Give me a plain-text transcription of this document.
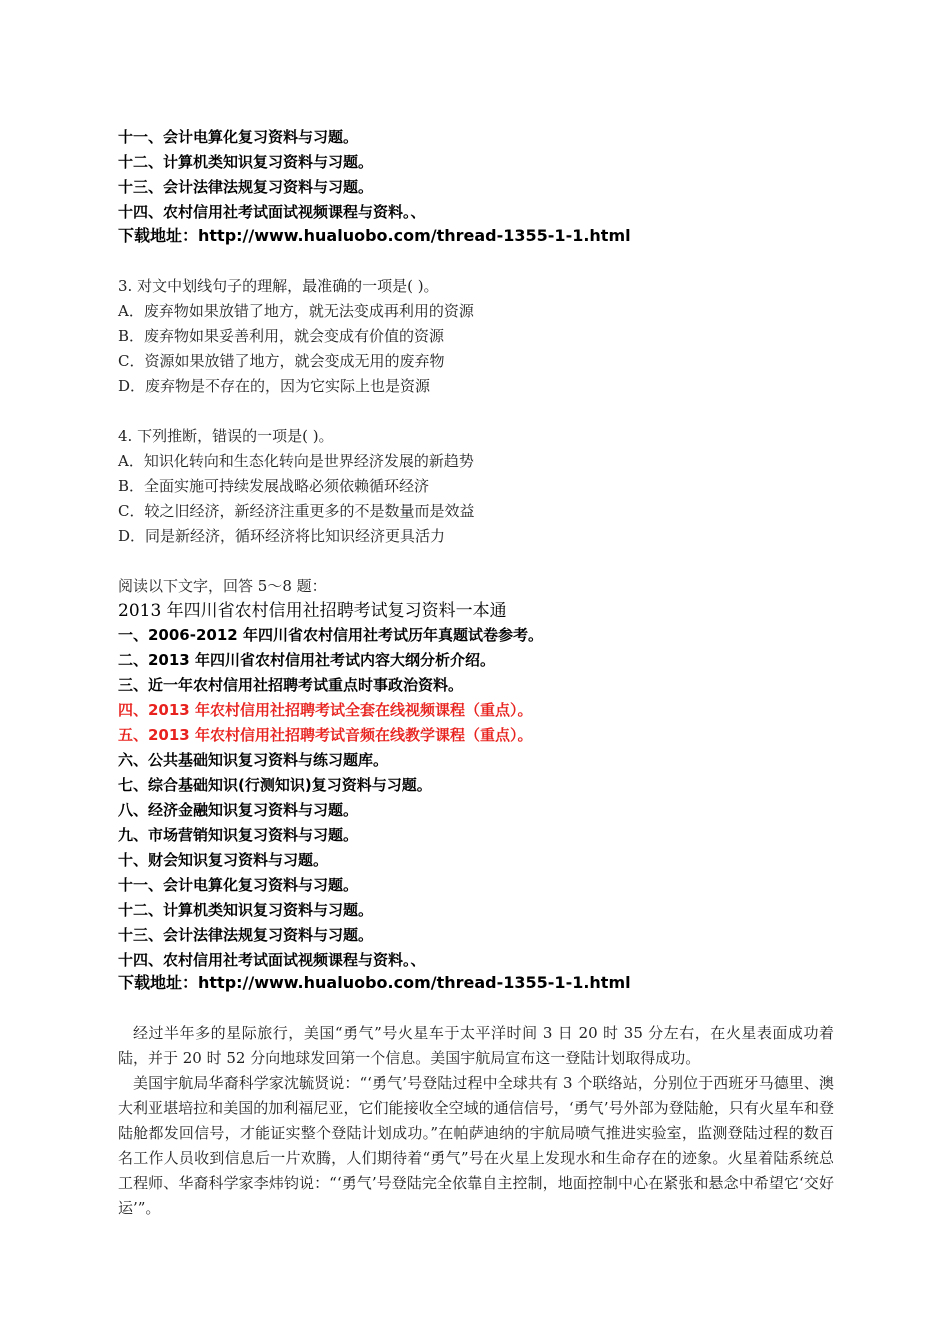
十一、会计电算化复习资料与习题。
十二、计算机类知识复习资料与习题。
十三、会计法律法规复习资料与习题。
十四、农村信用社考试面试视频课程与资料。、
下载地址：http://www.hualuobo.com/thread-1355-1-1.html
3. 对文中划线句子的理解，最准确的一项是( )。
A．废弃物如果放错了地方，就无法变成再利用的资源
B．废弃物如果妥善利用，就会变成有价值的资源
C．资源如果放错了地方，就会变成无用的废弃物
D．废弃物是不存在的，因为它实际上也是资源
4. 下列推断，错误的一项是( )。
A．知识化转向和生态化转向是世界经济发展的新趋势
B．全面实施可持续发展战略必须依赖循环经济
C．较之旧经济，新经济注重更多的不是数量而是效益
D．同是新经济，循环经济将比知识经济更具活力
阅读以下文字，回答 5～8 题：
2013 年四川省农村信用社招聘考试复习资料一本通
一、2006-2012 年四川省农村信用社考试历年真题试卷参考。
二、2013 年四川省农村信用社考试内容大纲分析介绍。
三、近一年农村信用社招聘考试重点时事政治资料。
四、2013 年农村信用社招聘考试全套在线视频课程（重点）。
五、2013 年农村信用社招聘考试音频在线教学课程（重点）。
六、公共基础知识复习资料与练习题库。
七、综合基础知识(行测知识)复习资料与习题。
八、经济金融知识复习资料与习题。
九、市场营销知识复习资料与习题。
十、财会知识复习资料与习题。
十一、会计电算化复习资料与习题。
十二、计算机类知识复习资料与习题。
十三、会计法律法规复习资料与习题。
十四、农村信用社考试面试视频课程与资料。、
下载地址：http://www.hualuobo.com/thread-1355-1-1.html
经过半年多的星际旅行，美国“勇气”号火星车于太平洋时间 3 日 20 时 35 分左右，在火星表面成功着陆，并于 20 时 52 分向地球发回第一个信息。美国宇航局宣布这一登陆计划取得成功。
美国宇航局华裔科学家沈毓贤说：“‘勇气’号登陆过程中全球共有 3 个联络站，分别位于西班牙马德里、澳大利亚堪培拉和美国的加利福尼亚，它们能接收全空域的通信信号，‘勇气’号外部为登陆舱，只有火星车和登陆舱都发回信号，才能证实整个登陆计划成功。”在帕萨迪纳的宇航局喷气推进实验室，监测登陆过程的数百名工作人员收到信息后一片欢腾，人们期待着“勇气”号在火星上发现水和生命存在的迹象。火星着陆系统总工程师、华裔科学家李炜钧说：“‘勇气’号登陆完全依靠自主控制，地面控制中心在紧张和悬念中希望它‘交好运’”。
